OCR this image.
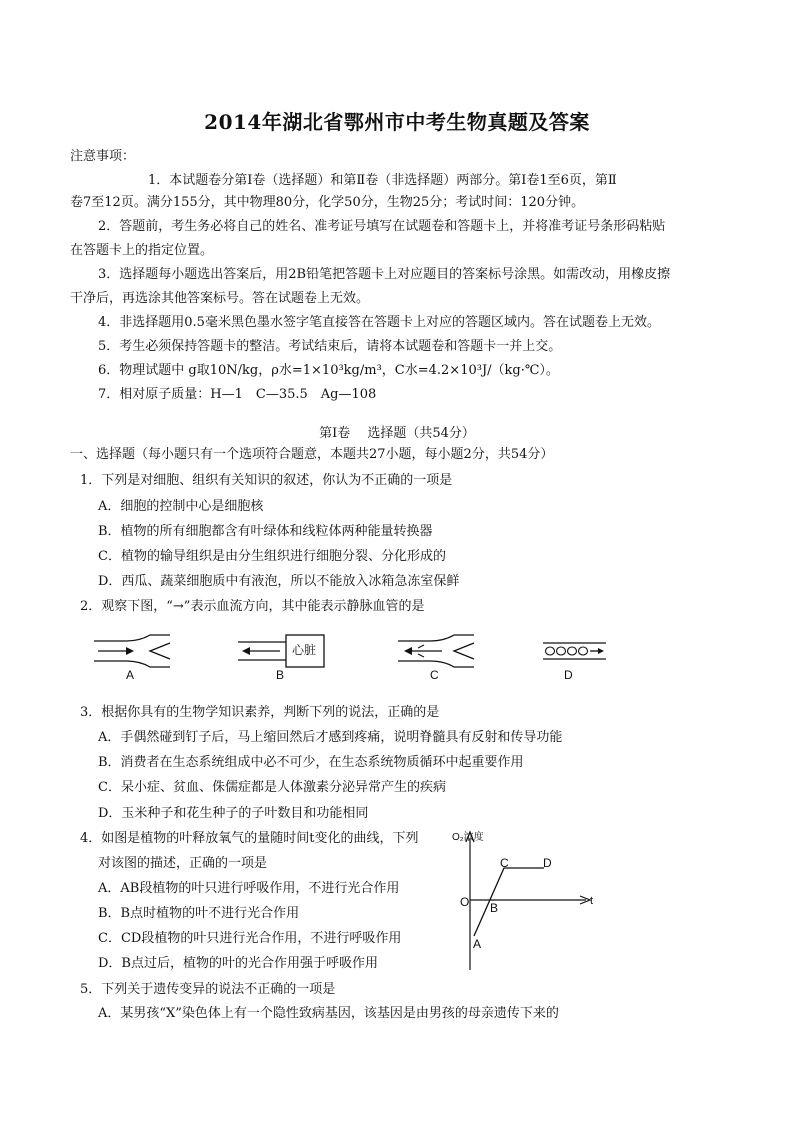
2014年湖北省鄂州市中考生物真题及答案
注意事项：
1．本试题卷分第Ⅰ卷（选择题）和第Ⅱ卷（非选择题）两部分。第Ⅰ卷1至6页，第Ⅱ
卷7至12页。满分155分，其中物理80分，化学50分，生物25分；考试时间：120分钟。
2．答题前，考生务必将自己的姓名、准考证号填写在试题卷和答题卡上，并将准考证号条形码粘贴
在答题卡上的指定位置。
3．选择题每小题选出答案后，用2B铅笔把答题卡上对应题目的答案标号涂黑。如需改动，用橡皮擦
干净后，再选涂其他答案标号。答在试题卷上无效。
4．非选择题用0.5毫米黑色墨水签字笔直接答在答题卡上对应的答题区域内。答在试题卷上无效。
5．考生必须保持答题卡的整洁。考试结束后，请将本试题卷和答题卡一并上交。
6．物理试题中 g取10N/kg，ρ水=1×10³kg/m³，C水=4.2×10³J/（kg·℃）。
7．相对原子质量：H—1　C—35.5　Ag—108
第Ⅰ卷　 选择题（共54分）
一、选择题（每小题只有一个选项符合题意，本题共27小题，每小题2分，共54分）
1．下列是对细胞、组织有关知识的叙述，你认为不正确的一项是
A．细胞的控制中心是细胞核
B．植物的所有细胞都含有叶绿体和线粒体两种能量转换器
C．植物的输导组织是由分生组织进行细胞分裂、分化形成的
D．西瓜、蔬菜细胞质中有液泡，所以不能放入冰箱急冻室保鲜
2．观察下图，“→”表示血流方向，其中能表示静脉血管的是
A
心脏
B	C	D
3．根据你具有的生物学知识素养，判断下列的说法，正确的是
A．手偶然碰到钉子后，马上缩回然后才感到疼痛，说明脊髓具有反射和传导功能
B．消费者在生态系统组成中必不可少，在生态系统物质循环中起重要作用
C．呆小症、贫血、侏儒症都是人体激素分泌异常产生的疾病
D．玉米种子和花生种子的子叶数目和功能相同
4．如图是植物的叶释放氧气的量随时间t变化的曲线，下列
对该图的描述，正确的一项是
A．AB段植物的叶只进行呼吸作用，不进行光合作用
B．B点时植物的叶不进行光合作用
C．CD段植物的叶只进行光合作用，不进行呼吸作用
D．B点过后，植物的叶的光合作用强于呼吸作用
O₂浓度
t
O
A
B
C	D
5．下列关于遗传变异的说法不正确的一项是
A．某男孩“X”染色体上有一个隐性致病基因，该基因是由男孩的母亲遗传下来的
